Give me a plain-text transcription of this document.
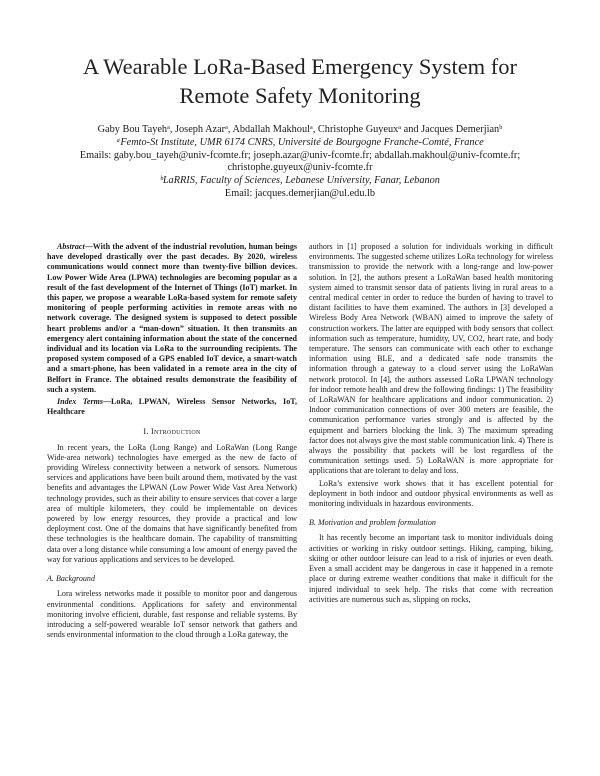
A Wearable LoRa-Based Emergency System for
Remote Safety Monitoring
Gaby Bou Tayehᵃ, Joseph Azarᵃ, Abdallah Makhoulᵃ, Christophe Guyeuxᵃ and Jacques Demerjianᵇ
ᵃFemto-St Institute, UMR 6174 CNRS, Université de Bourgogne Franche-Comté, France
Emails: gaby.bou_tayeh@univ-fcomte.fr; joseph.azar@univ-fcomte.fr; abdallah.makhoul@univ-fcomte.fr;
christophe.guyeux@univ-fcomte.fr
ᵇLaRRIS, Faculty of Sciences, Lebanese University, Fanar, Lebanon
Email: jacques.demerjian@ul.edu.lb

Abstract—With the advent of the industrial revolution, human beings have developed drastically over the past decades. By 2020, wireless communications would connect more than twenty-five billion devices. Low Power Wide Area (LPWA) technologies are becoming popular as a result of the fast development of the Internet of Things (IoT) market. In this paper, we propose a wearable LoRa-based system for remote safety monitoring of people performing activities in remote areas with no network coverage. The designed system is supposed to detect possible heart problems and/or a “man-down” situation. It then transmits an emergency alert containing information about the state of the concerned individual and its location via LoRa to the surrounding recipients. The proposed system composed of a GPS enabled IoT device, a smart-watch and a smart-phone, has been validated in a remote area in the city of Belfort in France. The obtained results demonstrate the feasibility of such a system.

Index Terms—LoRa, LPWAN, Wireless Sensor Networks, IoT, Healthcare

I. Introduction

In recent years, the LoRa (Long Range) and LoRaWan (Long Range Wide-area network) technologies have emerged as the new de facto of providing Wireless connectivity between a network of sensors. Numerous services and applications have been built around them, motivated by the vast benefits and advantages the LPWAN (Low Power Wide Vast Area Network) technology provides, such as their ability to ensure services that cover a large area of multiple kilometers, they could be implementable on devices powered by low energy resources, they provide a practical and low deployment cost. One of the domains that have significantly benefited from these technologies is the healthcare domain. The capability of transmitting data over a long distance while consuming a low amount of energy paved the way for various applications and services to be developed.

A. Background

Lora wireless networks made it possible to monitor poor and dangerous environmental conditions. Applications for safety and environmental monitoring involve efficient, durable, fast response and reliable systems. By introducing a self-powered wearable IoT sensor network that gathers and sends environmental information to the cloud through a LoRa gateway, the

authors in [1] proposed a solution for individuals working in difficult environments. The suggested scheme utilizes LoRa technology for wireless transmission to provide the network with a long-range and low-power solution. In [2], the authors present a LoRaWan based health monitoring system aimed to transmit sensor data of patients living in rural areas to a central medical center in order to reduce the burden of having to travel to distant facilities to have them examined. The authors in [3] developed a Wireless Body Area Network (WBAN) aimed to improve the safety of construction workers. The latter are equipped with body sensors that collect information such as temperature, humidity, UV, CO2, heart rate, and body temperature. The sensors can communicate with each other to exchange information using BLE, and a dedicated safe node transmits the information through a gateway to a cloud server using the LoRaWan network protocol. In [4], the authors assessed LoRa LPWAN technology for indoor remote health and drew the following findings: 1) The feasibility of LoRaWAN for healthcare applications and indoor communication. 2) Indoor communication connections of over 300 meters are feasible, the communication performance varies strongly and is affected by the equipment and barriers blocking the link. 3) The maximum spreading factor does not always give the most stable communication link. 4) There is always the possibility that packets will be lost regardless of the communication settings used. 5) LoRaWAN is more appropriate for applications that are tolerant to delay and loss.

LoRa’s extensive work shows that it has excellent potential for deployment in both indoor and outdoor physical environments as well as monitoring individuals in hazardous environments.

B. Motivation and problem formulation

It has recently become an important task to monitor individuals doing activities or working in risky outdoor settings. Hiking, camping, biking, skiing or other outdoor leisure can lead to a risk of injuries or even death. Even a small accident may be dangerous in case it happened in a remote place or during extreme weather conditions that make it difficult for the injured individual to seek help. The risks that come with recreation activities are numerous such as, slipping on rocks,
